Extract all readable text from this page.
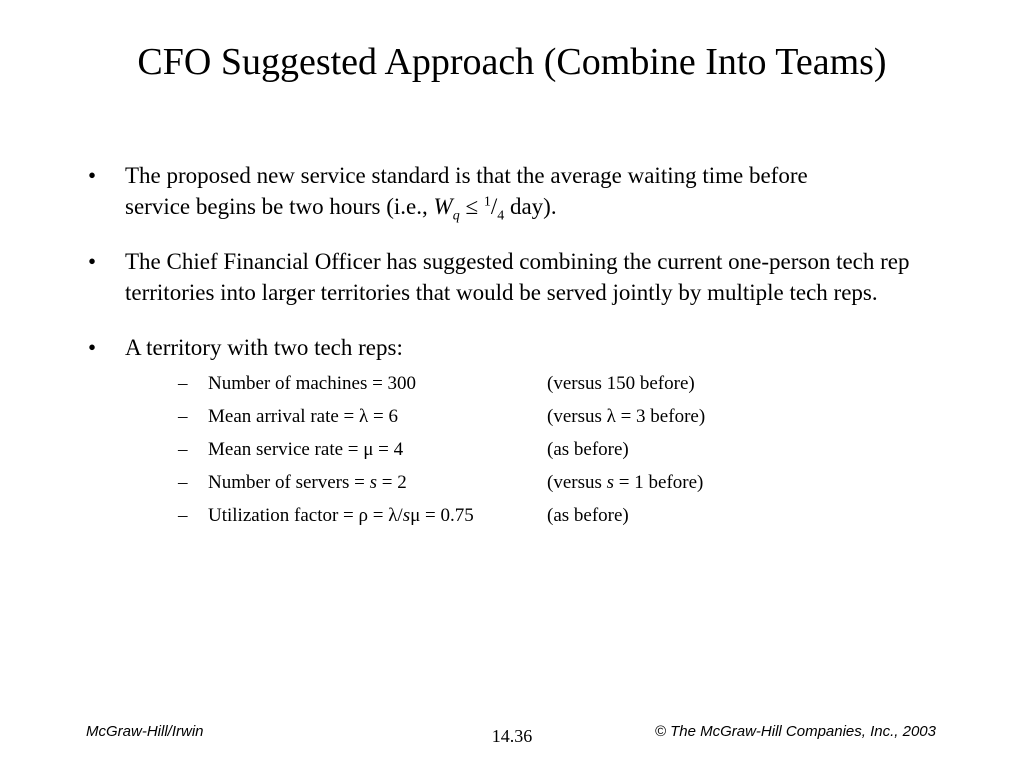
CFO Suggested Approach (Combine Into Teams)
• The proposed new service standard is that the average waiting time before
service begins be two hours (i.e., $W_q \le ^1/_4$ day).
• The Chief Financial Officer has suggested combining the current one-person tech rep territories into larger territories that would be served jointly by multiple tech reps.
• A territory with two tech reps:
– Number of machines = 300	(versus 150 before)
– Mean arrival rate = λ = 6	(versus λ = 3 before)
– Mean service rate = μ = 4	(as before)
– Number of servers = s = 2	(versus s = 1 before)
– Utilization factor = ρ = λ/sμ = 0.75	(as before)
McGraw-Hill/Irwin	14.36	© The McGraw-Hill Companies, Inc., 2003
